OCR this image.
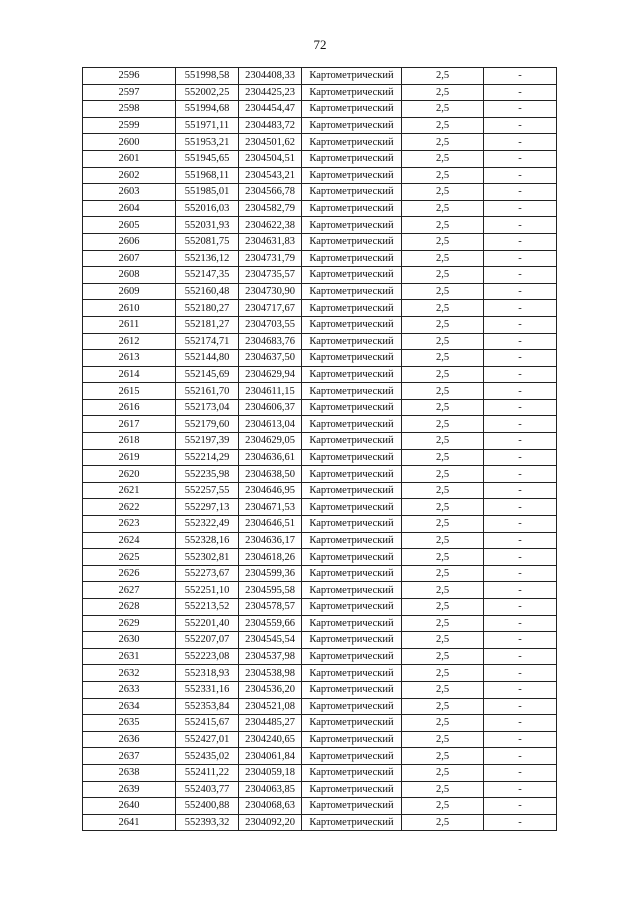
72
2596	551998,58	2304408,33	Картометрический	2,5	-
2597	552002,25	2304425,23	Картометрический	2,5	-
2598	551994,68	2304454,47	Картометрический	2,5	-
2599	551971,11	2304483,72	Картометрический	2,5	-
2600	551953,21	2304501,62	Картометрический	2,5	-
2601	551945,65	2304504,51	Картометрический	2,5	-
2602	551968,11	2304543,21	Картометрический	2,5	-
2603	551985,01	2304566,78	Картометрический	2,5	-
2604	552016,03	2304582,79	Картометрический	2,5	-
2605	552031,93	2304622,38	Картометрический	2,5	-
2606	552081,75	2304631,83	Картометрический	2,5	-
2607	552136,12	2304731,79	Картометрический	2,5	-
2608	552147,35	2304735,57	Картометрический	2,5	-
2609	552160,48	2304730,90	Картометрический	2,5	-
2610	552180,27	2304717,67	Картометрический	2,5	-
2611	552181,27	2304703,55	Картометрический	2,5	-
2612	552174,71	2304683,76	Картометрический	2,5	-
2613	552144,80	2304637,50	Картометрический	2,5	-
2614	552145,69	2304629,94	Картометрический	2,5	-
2615	552161,70	2304611,15	Картометрический	2,5	-
2616	552173,04	2304606,37	Картометрический	2,5	-
2617	552179,60	2304613,04	Картометрический	2,5	-
2618	552197,39	2304629,05	Картометрический	2,5	-
2619	552214,29	2304636,61	Картометрический	2,5	-
2620	552235,98	2304638,50	Картометрический	2,5	-
2621	552257,55	2304646,95	Картометрический	2,5	-
2622	552297,13	2304671,53	Картометрический	2,5	-
2623	552322,49	2304646,51	Картометрический	2,5	-
2624	552328,16	2304636,17	Картометрический	2,5	-
2625	552302,81	2304618,26	Картометрический	2,5	-
2626	552273,67	2304599,36	Картометрический	2,5	-
2627	552251,10	2304595,58	Картометрический	2,5	-
2628	552213,52	2304578,57	Картометрический	2,5	-
2629	552201,40	2304559,66	Картометрический	2,5	-
2630	552207,07	2304545,54	Картометрический	2,5	-
2631	552223,08	2304537,98	Картометрический	2,5	-
2632	552318,93	2304538,98	Картометрический	2,5	-
2633	552331,16	2304536,20	Картометрический	2,5	-
2634	552353,84	2304521,08	Картометрический	2,5	-
2635	552415,67	2304485,27	Картометрический	2,5	-
2636	552427,01	2304240,65	Картометрический	2,5	-
2637	552435,02	2304061,84	Картометрический	2,5	-
2638	552411,22	2304059,18	Картометрический	2,5	-
2639	552403,77	2304063,85	Картометрический	2,5	-
2640	552400,88	2304068,63	Картометрический	2,5	-
2641	552393,32	2304092,20	Картометрический	2,5	-
